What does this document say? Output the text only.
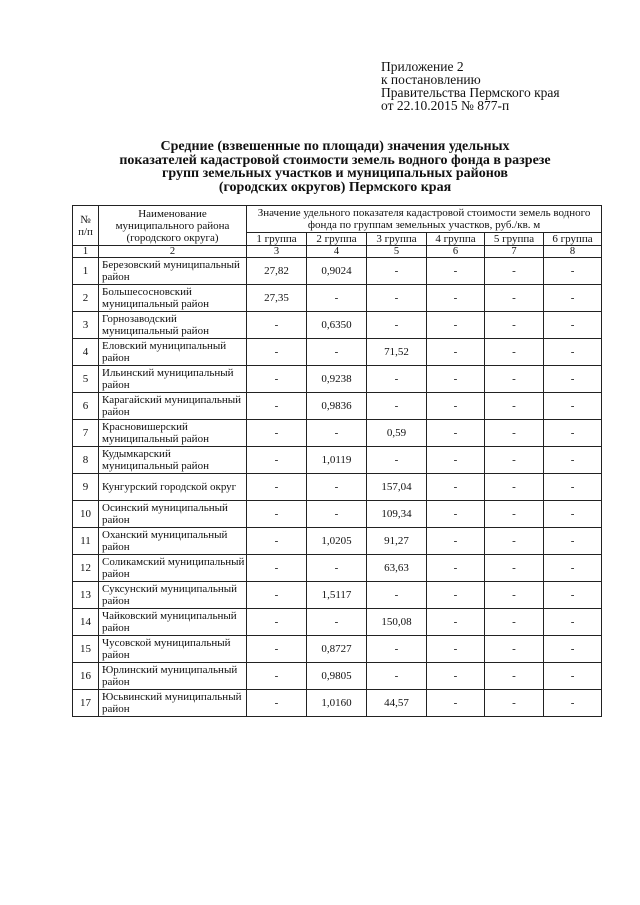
Приложение 2
к постановлению
Правительства Пермского края
от 22.10.2015 № 877-п
Средние (взвешенные по площади) значения удельных
показателей кадастровой стоимости земель водного фонда в разрезе
групп земельных участков и муниципальных районов
(городских округов) Пермского края
№ п/п	Наименование муниципального района (городского округа)	Значение удельного показателя кадастровой стоимости земель водного фонда по группам земельных участков, руб./кв. м					
		1 группа	2 группа	3 группа	4 группа	5 группа	6 группа
1	2	3	4	5	6	7	8
1	Березовский муниципальный район	27,82	0,9024	-	-	-	-
2	Большесосновский муниципальный район	27,35	-	-	-	-	-
3	Горнозаводский муниципальный район	-	0,6350	-	-	-	-
4	Еловский муниципальный район	-	-	71,52	-	-	-
5	Ильинский муниципальный район	-	0,9238	-	-	-	-
6	Карагайский муниципальный район	-	0,9836	-	-	-	-
7	Красновишерский муниципальный район	-	-	0,59	-	-	-
8	Кудымкарский муниципальный район	-	1,0119	-	-	-	-
9	Кунгурский городской округ	-	-	157,04	-	-	-
10	Осинский муниципальный район	-	-	109,34	-	-	-
11	Оханский муниципальный район	-	1,0205	91,27	-	-	-
12	Соликамский муниципальный район	-	-	63,63	-	-	-
13	Суксунский муниципальный район	-	1,5117	-	-	-	-
14	Чайковский муниципальный район	-	-	150,08	-	-	-
15	Чусовской муниципальный район	-	0,8727	-	-	-	-
16	Юрлинский муниципальный район	-	0,9805	-	-	-	-
17	Юсьвинский муниципальный район	-	1,0160	44,57	-	-	-
